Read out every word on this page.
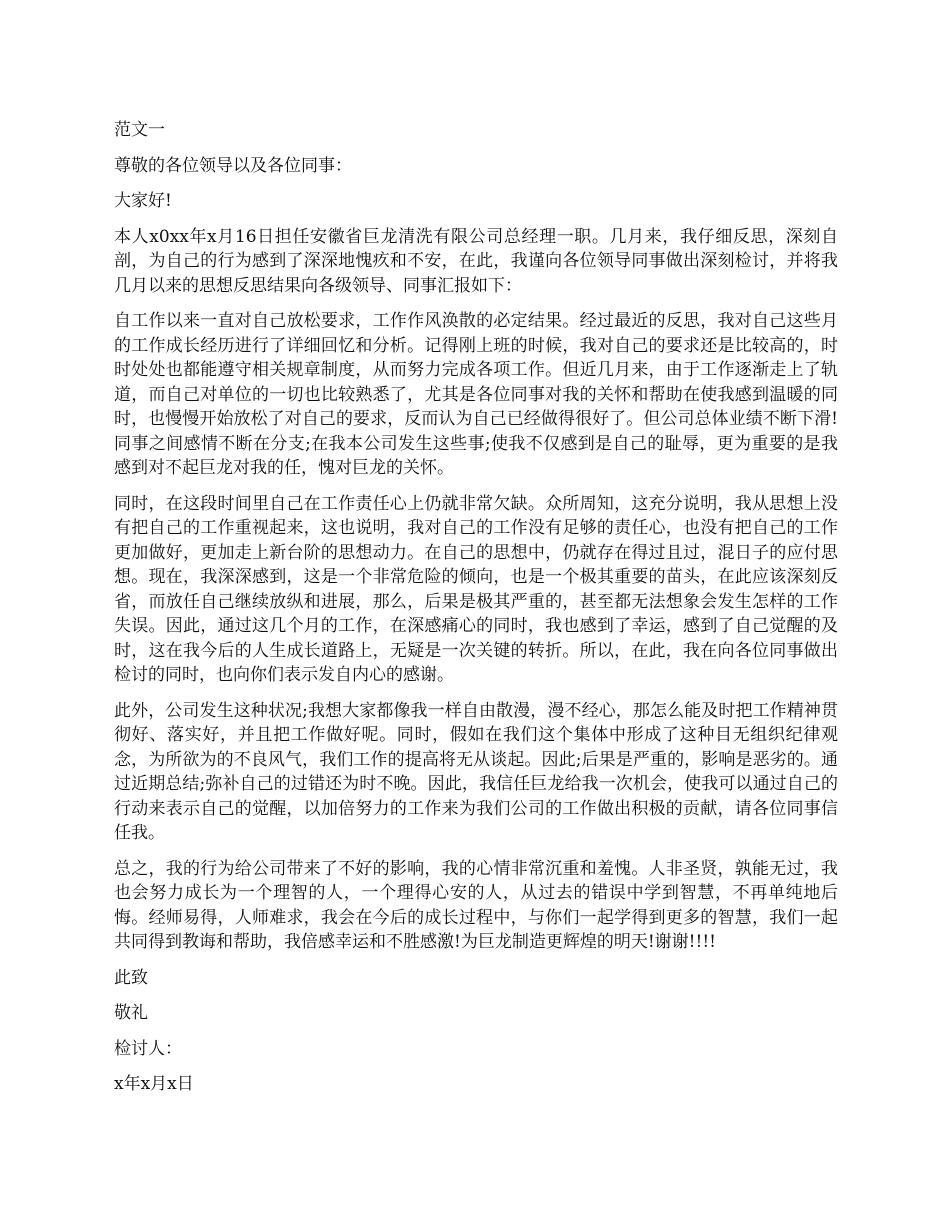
范文一

尊敬的各位领导以及各位同事：

大家好!

本人x0xx年x月16日担任安徽省巨龙清洗有限公司总经理一职。几月来，我仔细反思，深刻自剖，为自己的行为感到了深深地愧疚和不安，在此，我谨向各位领导同事做出深刻检讨，并将我几月以来的思想反思结果向各级领导、同事汇报如下：

自工作以来一直对自己放松要求，工作作风涣散的必定结果。经过最近的反思，我对自己这些月的工作成长经历进行了详细回忆和分析。记得刚上班的时候，我对自己的要求还是比较高的，时时处处也都能遵守相关规章制度，从而努力完成各项工作。但近几月来，由于工作逐渐走上了轨道，而自己对单位的一切也比较熟悉了，尤其是各位同事对我的关怀和帮助在使我感到温暖的同时，也慢慢开始放松了对自己的要求，反而认为自己已经做得很好了。但公司总体业绩不断下滑!同事之间感情不断在分支;在我本公司发生这些事;使我不仅感到是自己的耻辱，更为重要的是我感到对不起巨龙对我的任，愧对巨龙的关怀。

同时，在这段时间里自己在工作责任心上仍就非常欠缺。众所周知，这充分说明，我从思想上没有把自己的工作重视起来，这也说明，我对自己的工作没有足够的责任心，也没有把自己的工作更加做好，更加走上新台阶的思想动力。在自己的思想中，仍就存在得过且过，混日子的应付思想。现在，我深深感到，这是一个非常危险的倾向，也是一个极其重要的苗头，在此应该深刻反省，而放任自己继续放纵和进展，那么，后果是极其严重的，甚至都无法想象会发生怎样的工作失误。因此，通过这几个月的工作，在深感痛心的同时，我也感到了幸运，感到了自己觉醒的及时，这在我今后的人生成长道路上，无疑是一次关键的转折。所以，在此，我在向各位同事做出检讨的同时，也向你们表示发自内心的感谢。

此外，公司发生这种状况;我想大家都像我一样自由散漫，漫不经心，那怎么能及时把工作精神贯彻好、落实好，并且把工作做好呢。同时，假如在我们这个集体中形成了这种目无组织纪律观念，为所欲为的不良风气，我们工作的提高将无从谈起。因此;后果是严重的，影响是恶劣的。通过近期总结;弥补自己的过错还为时不晚。因此，我信任巨龙给我一次机会，使我可以通过自己的行动来表示自己的觉醒，以加倍努力的工作来为我们公司的工作做出积极的贡献，请各位同事信任我。

总之，我的行为给公司带来了不好的影响，我的心情非常沉重和羞愧。人非圣贤，孰能无过，我也会努力成长为一个理智的人，一个理得心安的人，从过去的错误中学到智慧，不再单纯地后悔。经师易得，人师难求，我会在今后的成长过程中，与你们一起学得到更多的智慧，我们一起共同得到教诲和帮助，我倍感幸运和不胜感激!为巨龙制造更辉煌的明天!谢谢!!!!

此致

敬礼

检讨人：

x年x月x日
